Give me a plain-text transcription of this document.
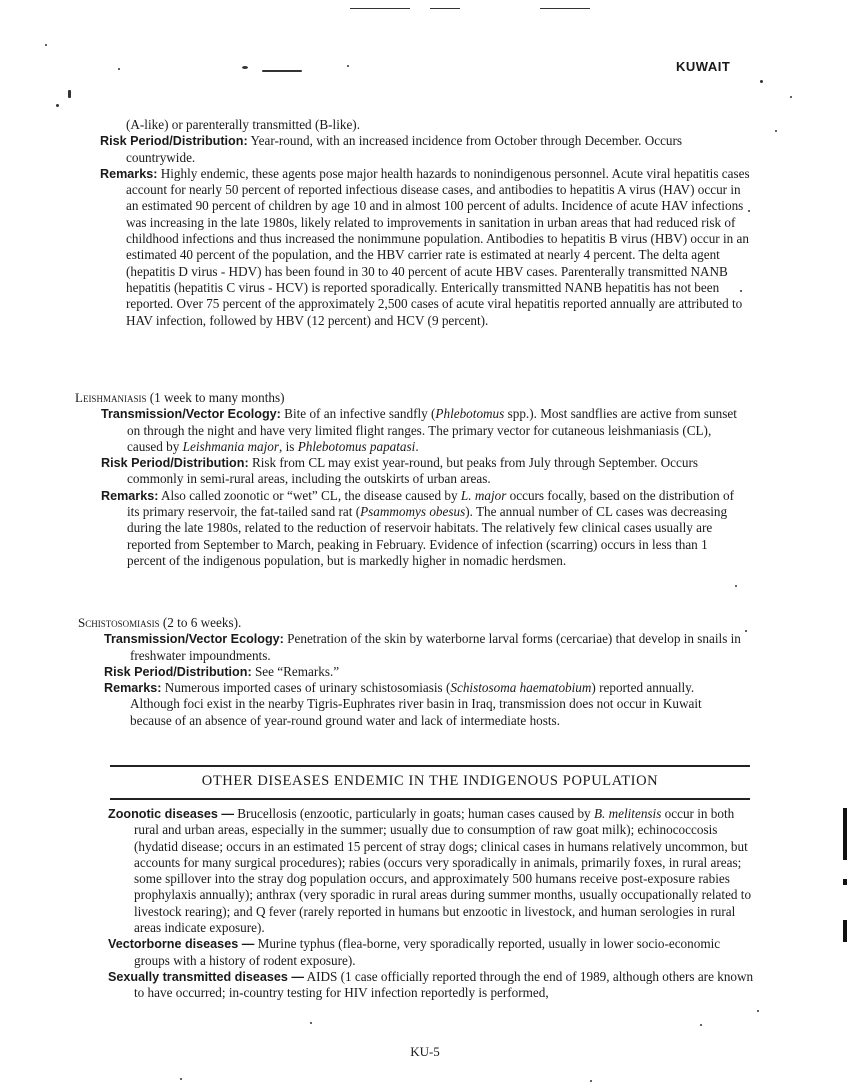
KUWAIT

(A-like) or parenterally transmitted (B-like).

Risk Period/Distribution: Year-round, with an increased incidence from October through December. Occurs countrywide.

Remarks: Highly endemic, these agents pose major health hazards to nonindigenous personnel. Acute viral hepatitis cases account for nearly 50 percent of reported infectious disease cases, and antibodies to hepatitis A virus (HAV) occur in an estimated 90 percent of children by age 10 and in almost 100 percent of adults. Incidence of acute HAV infections was increasing in the late 1980s, likely related to improvements in sanitation in urban areas that had reduced risk of childhood infections and thus increased the nonimmune population. Antibodies to hepatitis B virus (HBV) occur in an estimated 40 percent of the population, and the HBV carrier rate is estimated at nearly 4 percent. The delta agent (hepatitis D virus - HDV) has been found in 30 to 40 percent of acute HBV cases. Parenterally transmitted NANB hepatitis (hepatitis C virus - HCV) is reported sporadically. Enterically transmitted NANB hepatitis has not been reported. Over 75 percent of the approximately 2,500 cases of acute viral hepatitis reported annually are attributed to HAV infection, followed by HBV (12 percent) and HCV (9 percent).

Leishmaniasis (1 week to many months)

Transmission/Vector Ecology: Bite of an infective sandfly (Phlebotomus spp.). Most sandflies are active from sunset on through the night and have very limited flight ranges. The primary vector for cutaneous leishmaniasis (CL), caused by Leishmania major, is Phlebotomus papatasi.

Risk Period/Distribution: Risk from CL may exist year-round, but peaks from July through September. Occurs commonly in semi-rural areas, including the outskirts of urban areas.

Remarks: Also called zoonotic or “wet” CL, the disease caused by L. major occurs focally, based on the distribution of its primary reservoir, the fat-tailed sand rat (Psammomys obesus). The annual number of CL cases was decreasing during the late 1980s, related to the reduction of reservoir habitats. The relatively few clinical cases usually are reported from September to March, peaking in February. Evidence of infection (scarring) occurs in less than 1 percent of the indigenous population, but is markedly higher in nomadic herdsmen.

Schistosomiasis (2 to 6 weeks).

Transmission/Vector Ecology: Penetration of the skin by waterborne larval forms (cercariae) that develop in snails in freshwater impoundments.

Risk Period/Distribution: See “Remarks.”

Remarks: Numerous imported cases of urinary schistosomiasis (Schistosoma haematobium) reported annually. Although foci exist in the nearby Tigris-Euphrates river basin in Iraq, transmission does not occur in Kuwait because of an absence of year-round ground water and lack of intermediate hosts.

OTHER DISEASES ENDEMIC IN THE INDIGENOUS POPULATION

Zoonotic diseases — Brucellosis (enzootic, particularly in goats; human cases caused by B. melitensis occur in both rural and urban areas, especially in the summer; usually due to consumption of raw goat milk); echinococcosis (hydatid disease; occurs in an estimated 15 percent of stray dogs; clinical cases in humans relatively uncommon, but accounts for many surgical procedures); rabies (occurs very sporadically in animals, primarily foxes, in rural areas; some spillover into the stray dog population occurs, and approximately 500 humans receive post-exposure rabies prophylaxis annually); anthrax (very sporadic in rural areas during summer months, usually occupationally related to livestock rearing); and Q fever (rarely reported in humans but enzootic in livestock, and human serologies in rural areas indicate exposure).

Vectorborne diseases — Murine typhus (flea-borne, very sporadically reported, usually in lower socio-economic groups with a history of rodent exposure).

Sexually transmitted diseases — AIDS (1 case officially reported through the end of 1989, although others are known to have occurred; in-country testing for HIV infection reportedly is performed,

KU-5
